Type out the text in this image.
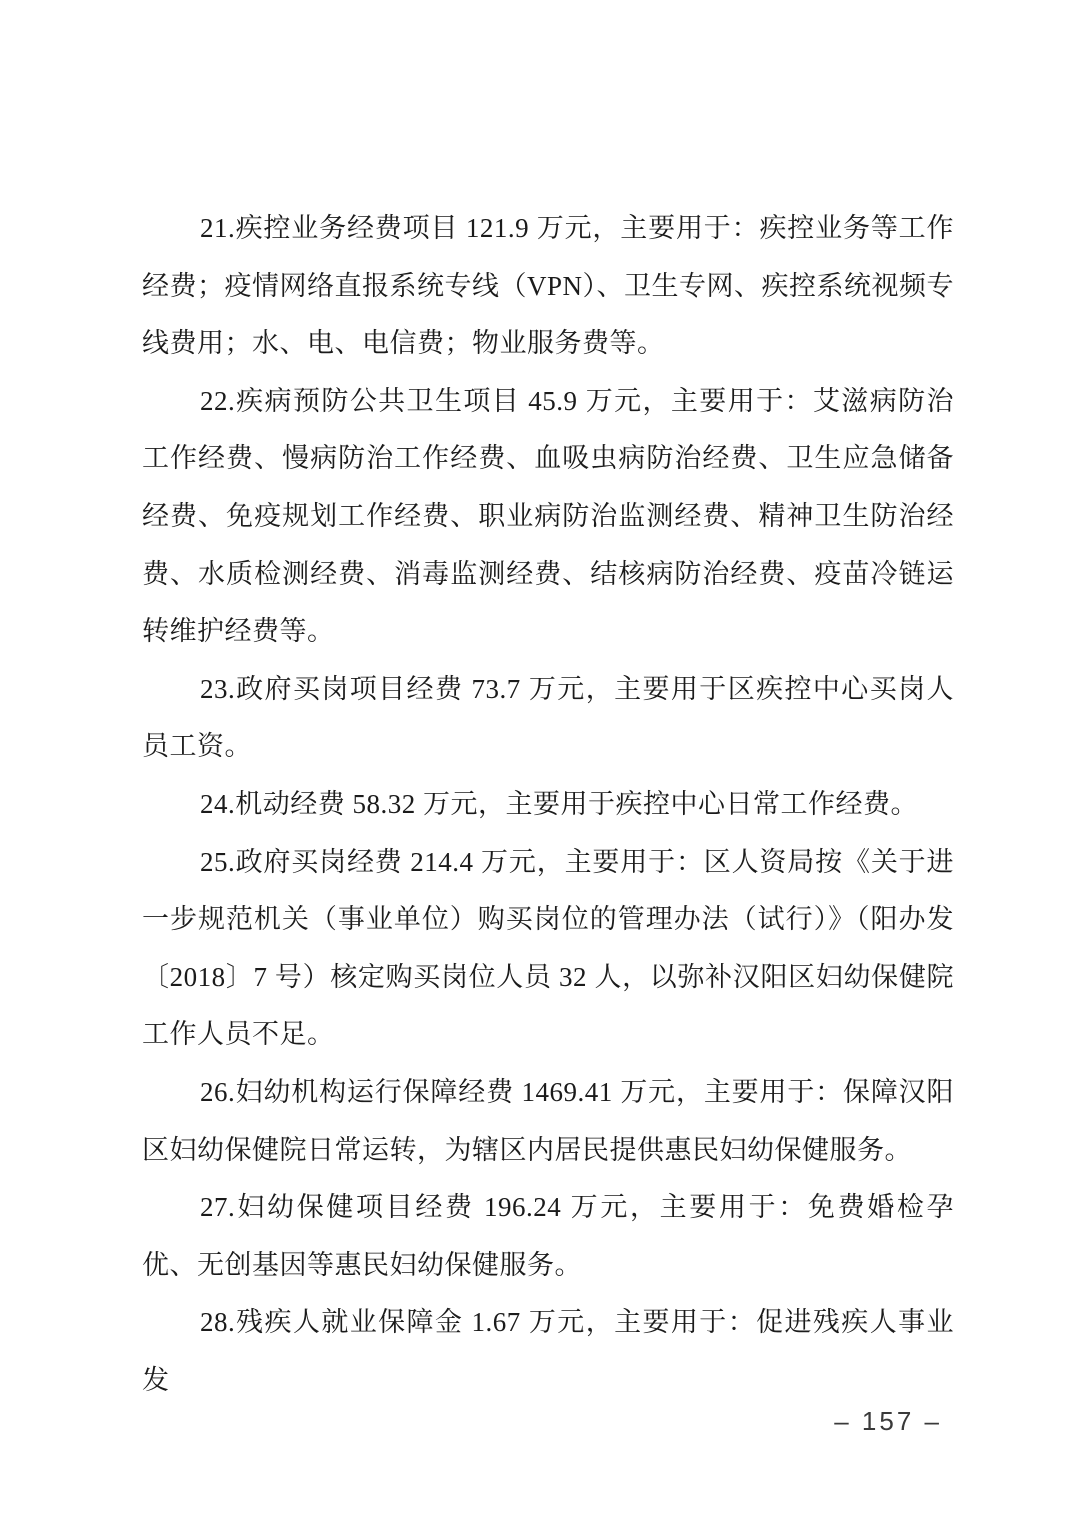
21.疾控业务经费项目 121.9 万元，主要用于：疾控业务等工作经费；疫情网络直报系统专线（VPN）、卫生专网、疾控系统视频专线费用；水、电、电信费；物业服务费等。

22.疾病预防公共卫生项目 45.9 万元，主要用于：艾滋病防治工作经费、慢病防治工作经费、血吸虫病防治经费、卫生应急储备经费、免疫规划工作经费、职业病防治监测经费、精神卫生防治经费、水质检测经费、消毒监测经费、结核病防治经费、疫苗冷链运转维护经费等。

23.政府买岗项目经费 73.7 万元，主要用于区疾控中心买岗人员工资。

24.机动经费 58.32 万元，主要用于疾控中心日常工作经费。

25.政府买岗经费 214.4 万元，主要用于：区人资局按《关于进一步规范机关（事业单位）购买岗位的管理办法（试行）》（阳办发〔2018〕7 号）核定购买岗位人员 32 人，以弥补汉阳区妇幼保健院工作人员不足。

26.妇幼机构运行保障经费 1469.41 万元，主要用于：保障汉阳区妇幼保健院日常运转，为辖区内居民提供惠民妇幼保健服务。

27.妇幼保健项目经费 196.24 万元，主要用于：免费婚检孕优、无创基因等惠民妇幼保健服务。

28.残疾人就业保障金 1.67 万元，主要用于：促进残疾人事业发

– 157 –
